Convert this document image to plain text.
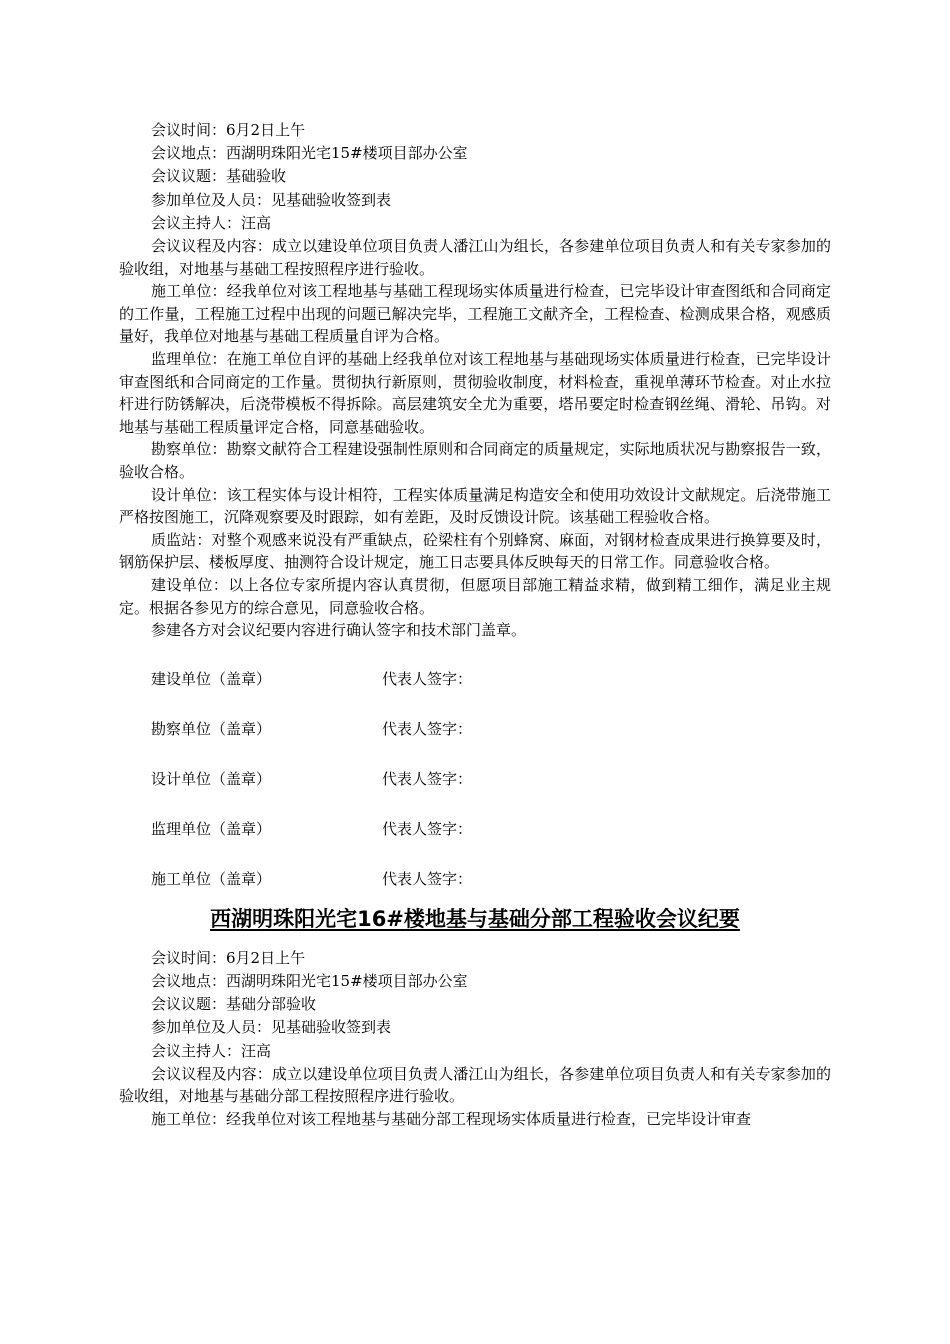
会议时间：6月2日上午

会议地点：西湖明珠阳光宅15#楼项目部办公室

会议议题：基础验收

参加单位及人员：见基础验收签到表

会议主持人：汪高

会议议程及内容：成立以建设单位项目负责人潘江山为组长，各参建单位项目负责人和有关专家参加的验收组，对地基与基础工程按照程序进行验收。

施工单位：经我单位对该工程地基与基础工程现场实体质量进行检查，已完毕设计审查图纸和合同商定的工作量，工程施工过程中出现的问题已解决完毕，工程施工文献齐全，工程检查、检测成果合格，观感质量好，我单位对地基与基础工程质量自评为合格。

监理单位：在施工单位自评的基础上经我单位对该工程地基与基础现场实体质量进行检查，已完毕设计审查图纸和合同商定的工作量。贯彻执行新原则，贯彻验收制度，材料检查，重视单薄环节检查。对止水拉杆进行防锈解决，后浇带模板不得拆除。高层建筑安全尤为重要，塔吊要定时检查钢丝绳、滑轮、吊钩。对地基与基础工程质量评定合格，同意基础验收。

勘察单位：勘察文献符合工程建设强制性原则和合同商定的质量规定，实际地质状况与勘察报告一致，验收合格。

设计单位：该工程实体与设计相符，工程实体质量满足构造安全和使用功效设计文献规定。后浇带施工严格按图施工，沉降观察要及时跟踪，如有差距，及时反馈设计院。该基础工程验收合格。

质监站：对整个观感来说没有严重缺点，砼梁柱有个别蜂窝、麻面，对钢材检查成果进行换算要及时，钢筋保护层、楼板厚度、抽测符合设计规定，施工日志要具体反映每天的日常工作。同意验收合格。

建设单位：以上各位专家所提内容认真贯彻，但愿项目部施工精益求精，做到精工细作，满足业主规定。根据各参见方的综合意见，同意验收合格。

参建各方对会议纪要内容进行确认签字和技术部门盖章。

建设单位（盖章）	代表人签字：
勘察单位（盖章）	代表人签字：
设计单位（盖章）	代表人签字：
监理单位（盖章）	代表人签字：
施工单位（盖章）	代表人签字：
西湖明珠阳光宅16#楼地基与基础分部工程验收会议纪要

会议时间：6月2日上午

会议地点：西湖明珠阳光宅15#楼项目部办公室

会议议题：基础分部验收

参加单位及人员：见基础验收签到表

会议主持人：汪高

会议议程及内容：成立以建设单位项目负责人潘江山为组长，各参建单位项目负责人和有关专家参加的验收组，对地基与基础分部工程按照程序进行验收。

施工单位：经我单位对该工程地基与基础分部工程现场实体质量进行检查，已完毕设计审查
